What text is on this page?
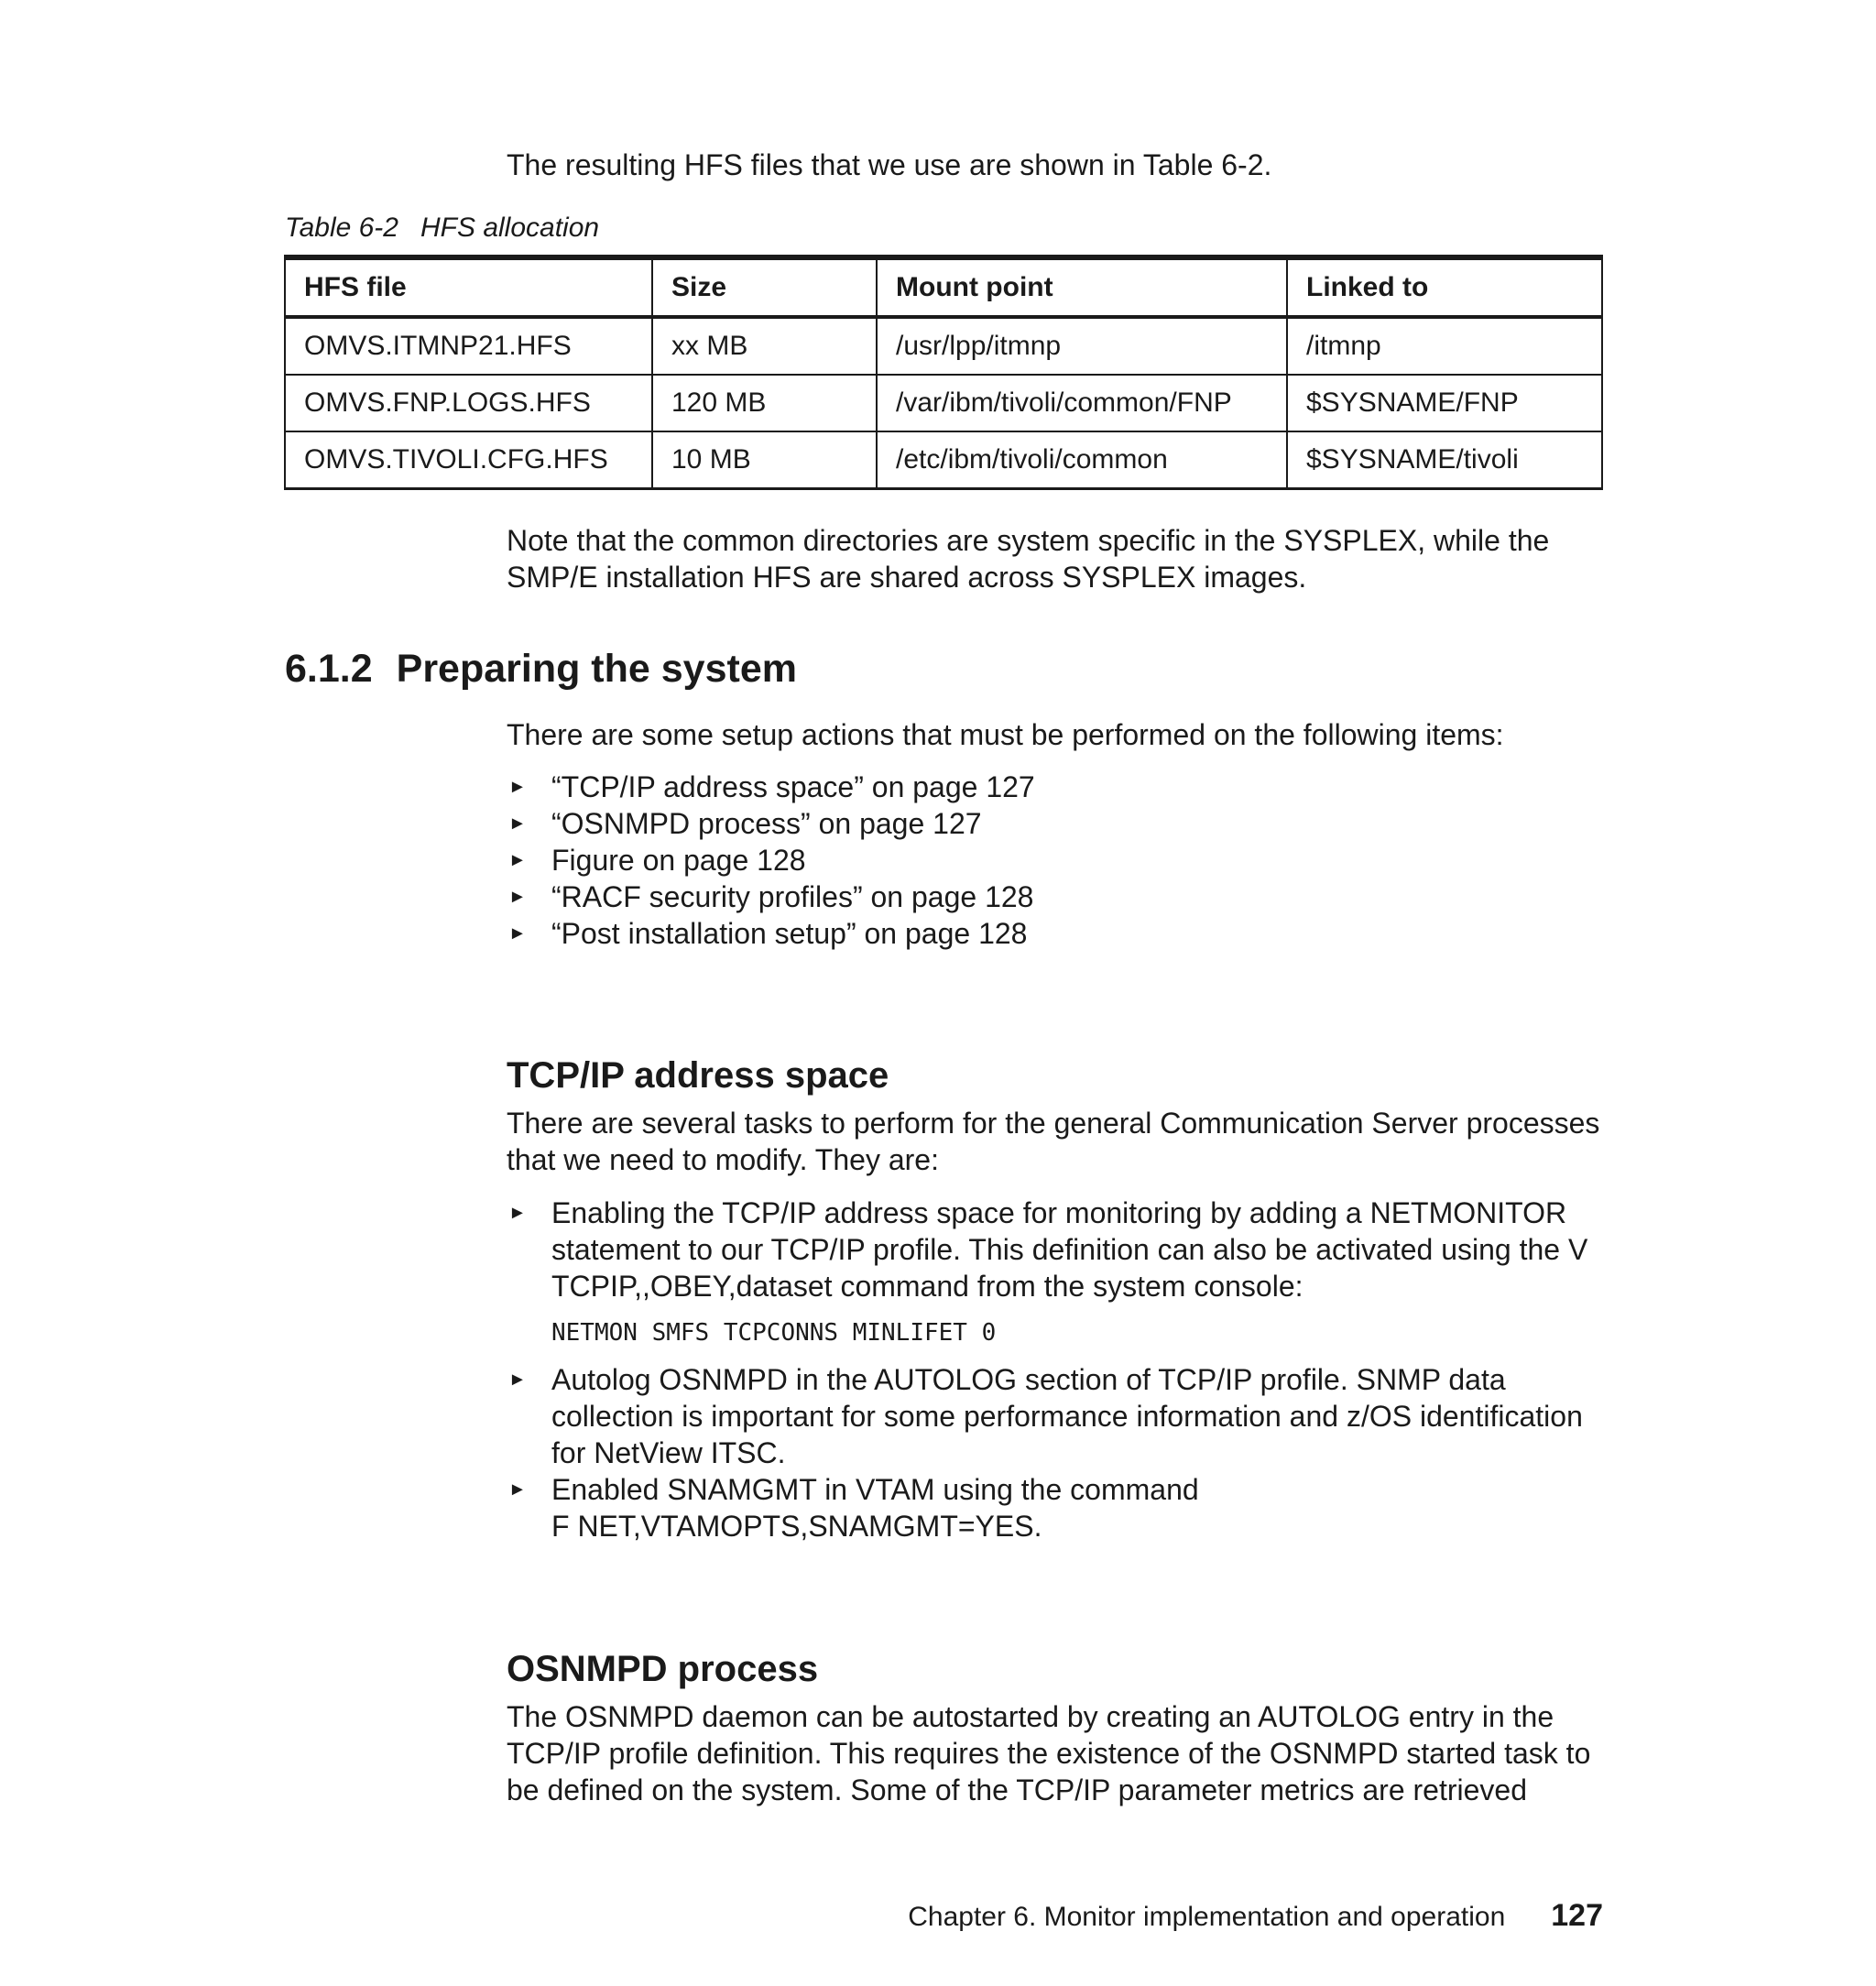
The resulting HFS files that we use are shown in Table 6-2.

Table 6-2 HFS allocation

HFS file	Size	Mount point	Linked to
OMVS.ITMNP21.HFS	xx MB	/usr/lpp/itmnp	/itmnp
OMVS.FNP.LOGS.HFS	120 MB	/var/ibm/tivoli/common/FNP	$SYSNAME/FNP
OMVS.TIVOLI.CFG.HFS	10 MB	/etc/ibm/tivoli/common	$SYSNAME/tivoli

Note that the common directories are system specific in the SYSPLEX, while the SMP/E installation HFS are shared across SYSPLEX images.

6.1.2 Preparing the system

There are some setup actions that must be performed on the following items:

► “TCP/IP address space” on page 127
► “OSNMPD process” on page 127
► Figure on page 128
► “RACF security profiles” on page 128
► “Post installation setup” on page 128
TCP/IP address space

There are several tasks to perform for the general Communication Server processes that we need to modify. They are:

► Enabling the TCP/IP address space for monitoring by adding a NETMONITOR statement to our TCP/IP profile. This definition can also be activated using the V TCPIP,,OBEY,dataset command from the system console:
NETMON SMFS TCPCONNS MINLIFET 0
► Autolog OSNMPD in the AUTOLOG section of TCP/IP profile. SNMP data collection is important for some performance information and z/OS identification for NetView ITSC.
► Enabled SNAMGMT in VTAM using the command
F NET,VTAMOPTS,SNAMGMT=YES.
OSNMPD process

The OSNMPD daemon can be autostarted by creating an AUTOLOG entry in the TCP/IP profile definition. This requires the existence of the OSNMPD started task to be defined on the system. Some of the TCP/IP parameter metrics are retrieved

Chapter 6. Monitor implementation and operation 127
